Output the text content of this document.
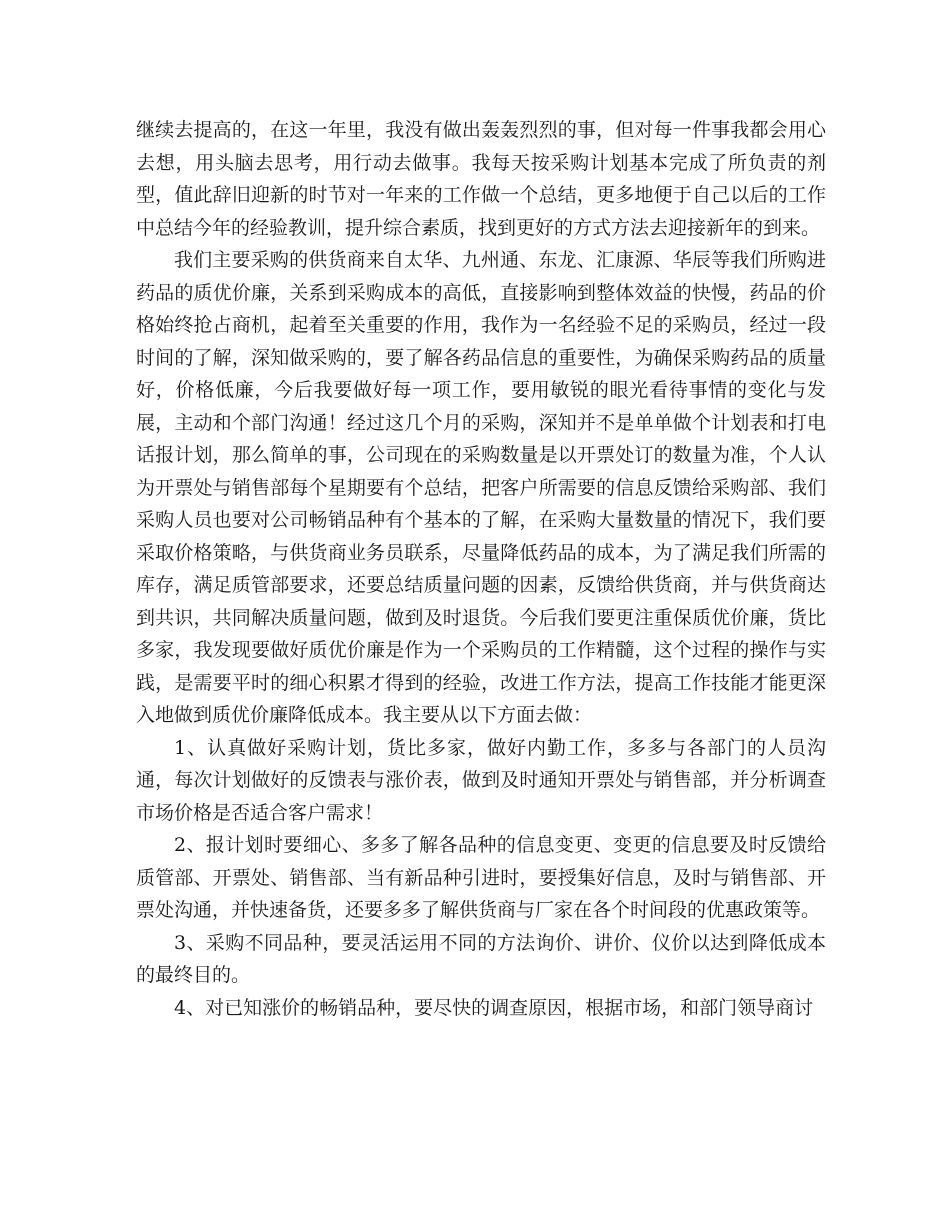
继续去提高的，在这一年里，我没有做出轰轰烈烈的事，但对每一件事我都会用心去想，用头脑去思考，用行动去做事。我每天按采购计划基本完成了所负责的剂型，值此辞旧迎新的时节对一年来的工作做一个总结，更多地便于自己以后的工作中总结今年的经验教训，提升综合素质，找到更好的方式方法去迎接新年的到来。

我们主要采购的供货商来自太华、九州通、东龙、汇康源、华辰等我们所购进药品的质优价廉，关系到采购成本的高低，直接影响到整体效益的快慢，药品的价格始终抢占商机，起着至关重要的作用，我作为一名经验不足的采购员，经过一段时间的了解，深知做采购的，要了解各药品信息的重要性，为确保采购药品的质量好，价格低廉，今后我要做好每一项工作，要用敏锐的眼光看待事情的变化与发展，主动和个部门沟通！经过这几个月的采购，深知并不是单单做个计划表和打电话报计划，那么简单的事，公司现在的采购数量是以开票处订的数量为准，个人认为开票处与销售部每个星期要有个总结，把客户所需要的信息反馈给采购部、我们采购人员也要对公司畅销品种有个基本的了解，在采购大量数量的情况下，我们要采取价格策略，与供货商业务员联系，尽量降低药品的成本，为了满足我们所需的库存，满足质管部要求，还要总结质量问题的因素，反馈给供货商，并与供货商达到共识，共同解决质量问题，做到及时退货。今后我们要更注重保质优价廉，货比多家，我发现要做好质优价廉是作为一个采购员的工作精髓，这个过程的操作与实践，是需要平时的细心积累才得到的经验，改进工作方法，提高工作技能才能更深入地做到质优价廉降低成本。我主要从以下方面去做：

1、认真做好采购计划，货比多家，做好内勤工作，多多与各部门的人员沟通，每次计划做好的反馈表与涨价表，做到及时通知开票处与销售部，并分析调查市场价格是否适合客户需求！

2、报计划时要细心、多多了解各品种的信息变更、变更的信息要及时反馈给质管部、开票处、销售部、当有新品种引进时，要授集好信息，及时与销售部、开票处沟通，并快速备货，还要多多了解供货商与厂家在各个时间段的优惠政策等。

3、采购不同品种，要灵活运用不同的方法询价、讲价、仪价以达到降低成本的最终目的。

4、对已知涨价的畅销品种，要尽快的调查原因，根据市场，和部门领导商讨
